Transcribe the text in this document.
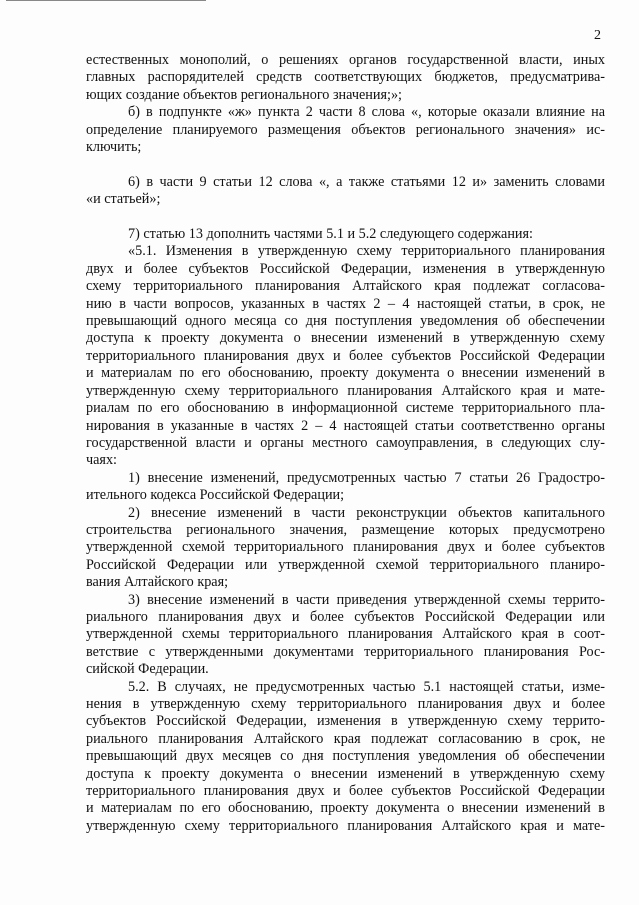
2
естественных монополий, о решениях органов государственной власти, иных
главных распорядителей средств соответствующих бюджетов, предусматрива-
ющих создание объектов регионального значения;»;
б) в подпункте «ж» пункта 2 части 8 слова «, которые оказали влияние на
определение планируемого размещения объектов регионального значения» ис-
ключить;
6) в части 9 статьи 12 слова «, а также статьями 12 и» заменить словами
«и статьей»;
7) статью 13 дополнить частями 5.1 и 5.2 следующего содержания:
«5.1. Изменения в утвержденную схему территориального планирования
двух и более субъектов Российской Федерации, изменения в утвержденную
схему территориального планирования Алтайского края подлежат согласова-
нию в части вопросов, указанных в частях 2 – 4 настоящей статьи, в срок, не
превышающий одного месяца со дня поступления уведомления об обеспечении
доступа к проекту документа о внесении изменений в утвержденную схему
территориального планирования двух и более субъектов Российской Федерации
и материалам по его обоснованию, проекту документа о внесении изменений в
утвержденную схему территориального планирования Алтайского края и мате-
риалам по его обоснованию в информационной системе территориального пла-
нирования в указанные в частях 2 – 4 настоящей статьи соответственно органы
государственной власти и органы местного самоуправления, в следующих слу-
чаях:
1) внесение изменений, предусмотренных частью 7 статьи 26 Градостро-
ительного кодекса Российской Федерации;
2) внесение изменений в части реконструкции объектов капитального
строительства регионального значения, размещение которых предусмотрено
утвержденной схемой территориального планирования двух и более субъектов
Российской Федерации или утвержденной схемой территориального планиро-
вания Алтайского края;
3) внесение изменений в части приведения утвержденной схемы террито-
риального планирования двух и более субъектов Российской Федерации или
утвержденной схемы территориального планирования Алтайского края в соот-
ветствие с утвержденными документами территориального планирования Рос-
сийской Федерации.
5.2. В случаях, не предусмотренных частью 5.1 настоящей статьи, изме-
нения в утвержденную схему территориального планирования двух и более
субъектов Российской Федерации, изменения в утвержденную схему террито-
риального планирования Алтайского края подлежат согласованию в срок, не
превышающий двух месяцев со дня поступления уведомления об обеспечении
доступа к проекту документа о внесении изменений в утвержденную схему
территориального планирования двух и более субъектов Российской Федерации
и материалам по его обоснованию, проекту документа о внесении изменений в
утвержденную схему территориального планирования Алтайского края и мате-
